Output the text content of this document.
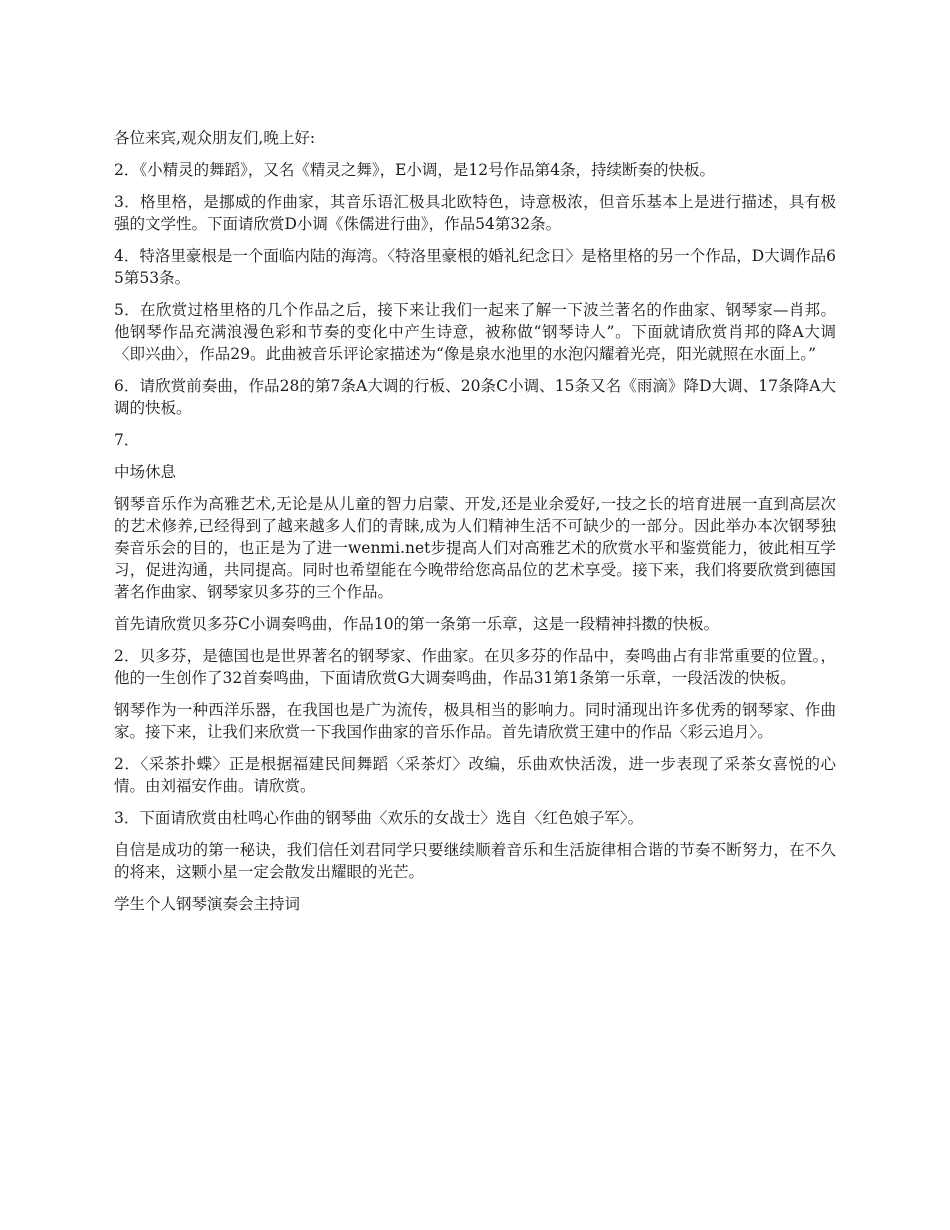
各位来宾,观众朋友们,晚上好:

2．《小精灵的舞蹈》，又名《精灵之舞》，E小调，是12号作品第4条，持续断奏的快板。

3．格里格，是挪威的作曲家，其音乐语汇极具北欧特色，诗意极浓，但音乐基本上是进行描述，具有极强的文学性。下面请欣赏D小调《侏儒进行曲》，作品54第32条。

4．特洛里豪根是一个面临内陆的海湾。〈特洛里豪根的婚礼纪念日〉是格里格的另一个作品，D大调作品65第53条。

5．在欣赏过格里格的几个作品之后，接下来让我们一起来了解一下波兰著名的作曲家、钢琴家—肖邦。他钢琴作品充满浪漫色彩和节奏的变化中产生诗意，被称做“钢琴诗人”。下面就请欣赏肖邦的降A大调〈即兴曲〉，作品29。此曲被音乐评论家描述为“像是泉水池里的水泡闪耀着光亮，阳光就照在水面上。”

6．请欣赏前奏曲，作品28的第7条A大调的行板、20条C小调、15条又名《雨滴》降D大调、17条降A大调的快板。

7．

中场休息

钢琴音乐作为高雅艺术,无论是从儿童的智力启蒙、开发,还是业余爱好,一技之长的培育进展一直到高层次的艺术修养,已经得到了越来越多人们的青睐,成为人们精神生活不可缺少的一部分。因此举办本次钢琴独奏音乐会的目的，也正是为了进一wenmi.net步提高人们对高雅艺术的欣赏水平和鉴赏能力，彼此相互学习，促进沟通，共同提高。同时也希望能在今晚带给您高品位的艺术享受。接下来，我们将要欣赏到德国著名作曲家、钢琴家贝多芬的三个作品。

首先请欣赏贝多芬C小调奏鸣曲，作品10的第一条第一乐章，这是一段精神抖擞的快板。

2．贝多芬，是德国也是世界著名的钢琴家、作曲家。在贝多芬的作品中，奏鸣曲占有非常重要的位置。，他的一生创作了32首奏鸣曲，下面请欣赏G大调奏鸣曲，作品31第1条第一乐章，一段活泼的快板。

钢琴作为一种西洋乐器，在我国也是广为流传，极具相当的影响力。同时涌现出许多优秀的钢琴家、作曲家。接下来，让我们来欣赏一下我国作曲家的音乐作品。首先请欣赏王建中的作品〈彩云追月〉。

2．〈采茶扑蝶〉正是根据福建民间舞蹈〈采茶灯〉改编，乐曲欢快活泼，进一步表现了采茶女喜悦的心情。由刘福安作曲。请欣赏。

3．下面请欣赏由杜鸣心作曲的钢琴曲〈欢乐的女战士〉选自〈红色娘子军〉。

自信是成功的第一秘诀，我们信任刘君同学只要继续顺着音乐和生活旋律相合谐的节奏不断努力，在不久的将来，这颗小星一定会散发出耀眼的光芒。

学生个人钢琴演奏会主持词
